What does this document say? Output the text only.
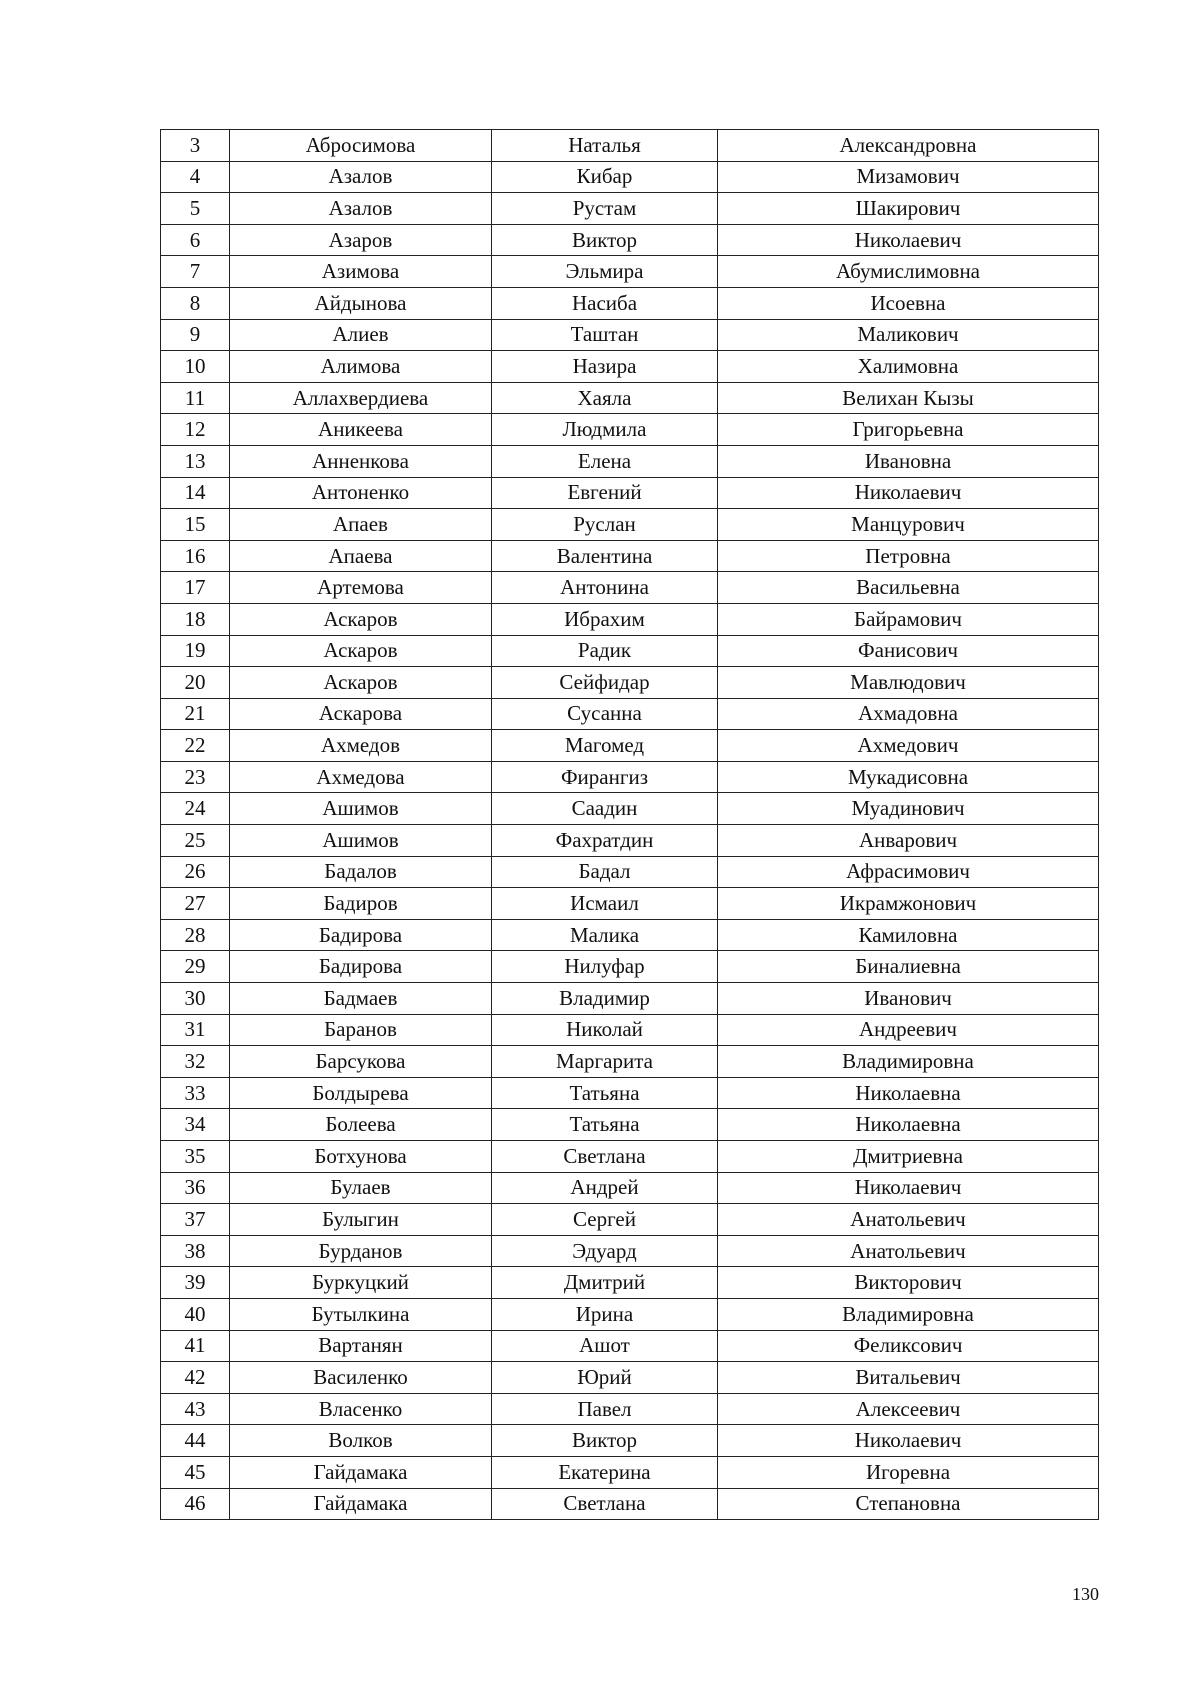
3	Абросимова	Наталья	Александровна
4	Азалов	Кибар	Мизамович
5	Азалов	Рустам	Шакирович
6	Азаров	Виктор	Николаевич
7	Азимова	Эльмира	Абумислимовна
8	Айдынова	Насиба	Исоевна
9	Алиев	Таштан	Маликович
10	Алимова	Назира	Халимовна
11	Аллахвердиева	Хаяла	Велихан Кызы
12	Аникеева	Людмила	Григорьевна
13	Анненкова	Елена	Ивановна
14	Антоненко	Евгений	Николаевич
15	Апаев	Руслан	Манцурович
16	Апаева	Валентина	Петровна
17	Артемова	Антонина	Васильевна
18	Аскаров	Ибрахим	Байрамович
19	Аскаров	Радик	Фанисович
20	Аскаров	Сейфидар	Мавлюдович
21	Аскарова	Сусанна	Ахмадовна
22	Ахмедов	Магомед	Ахмедович
23	Ахмедова	Фирангиз	Мукадисовна
24	Ашимов	Саадин	Муадинович
25	Ашимов	Фахратдин	Анварович
26	Бадалов	Бадал	Афрасимович
27	Бадиров	Исмаил	Икрамжонович
28	Бадирова	Малика	Камиловна
29	Бадирова	Нилуфар	Биналиевна
30	Бадмаев	Владимир	Иванович
31	Баранов	Николай	Андреевич
32	Барсукова	Маргарита	Владимировна
33	Болдырева	Татьяна	Николаевна
34	Болеева	Татьяна	Николаевна
35	Ботхунова	Светлана	Дмитриевна
36	Булаев	Андрей	Николаевич
37	Булыгин	Сергей	Анатольевич
38	Бурданов	Эдуард	Анатольевич
39	Буркуцкий	Дмитрий	Викторович
40	Бутылкина	Ирина	Владимировна
41	Вартанян	Ашот	Феликсович
42	Василенко	Юрий	Витальевич
43	Власенко	Павел	Алексеевич
44	Волков	Виктор	Николаевич
45	Гайдамака	Екатерина	Игоревна
46	Гайдамака	Светлана	Степановна
130
